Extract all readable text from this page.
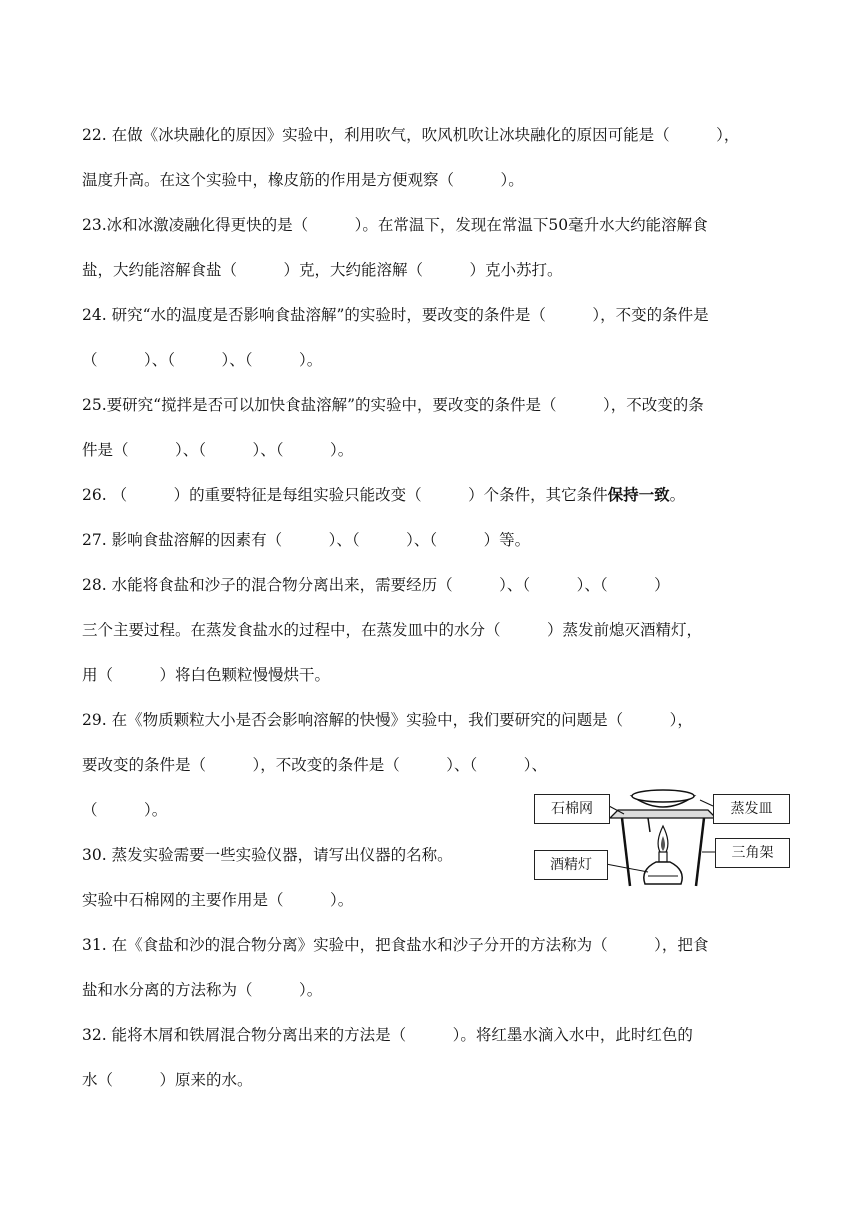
22. 在做《冰块融化的原因》实验中，利用吹气，吹风机吹让冰块融化的原因可能是（　　　），
温度升高。在这个实验中，橡皮筋的作用是方便观察（　　　）。
23.冰和冰激凌融化得更快的是（　　　）。在常温下，发现在常温下50毫升水大约能溶解食
盐，大约能溶解食盐（　　　）克，大约能溶解（　　　）克小苏打。
24. 研究“水的温度是否影响食盐溶解”的实验时，要改变的条件是（　　　），不变的条件是
（　　　）、（　　　）、（　　　）。
25.要研究“搅拌是否可以加快食盐溶解”的实验中，要改变的条件是（　　　），不改变的条
件是（　　　）、（　　　）、（　　　）。
26. （　　　）的重要特征是每组实验只能改变（　　　）个条件，其它条件保持一致。
27. 影响食盐溶解的因素有（　　　）、（　　　）、（　　　）等。
28. 水能将食盐和沙子的混合物分离出来，需要经历（　　　）、（　　　）、（　　　）
三个主要过程。在蒸发食盐水的过程中，在蒸发皿中的水分（　　　）蒸发前熄灭酒精灯，
用（　　　）将白色颗粒慢慢烘干。
29. 在《物质颗粒大小是否会影响溶解的快慢》实验中，我们要研究的问题是（　　　），
要改变的条件是（　　　），不改变的条件是（　　　）、（　　　）、
（　　　）。
30. 蒸发实验需要一些实验仪器，请写出仪器的名称。
实验中石棉网的主要作用是（　　　）。
31. 在《食盐和沙的混合物分离》实验中，把食盐水和沙子分开的方法称为（　　　），把食
盐和水分离的方法称为（　　　）。
32. 能将木屑和铁屑混合物分离出来的方法是（　　　）。将红墨水滴入水中，此时红色的
水（　　　）原来的水。
石棉网	蒸发皿
酒精灯
三角架
